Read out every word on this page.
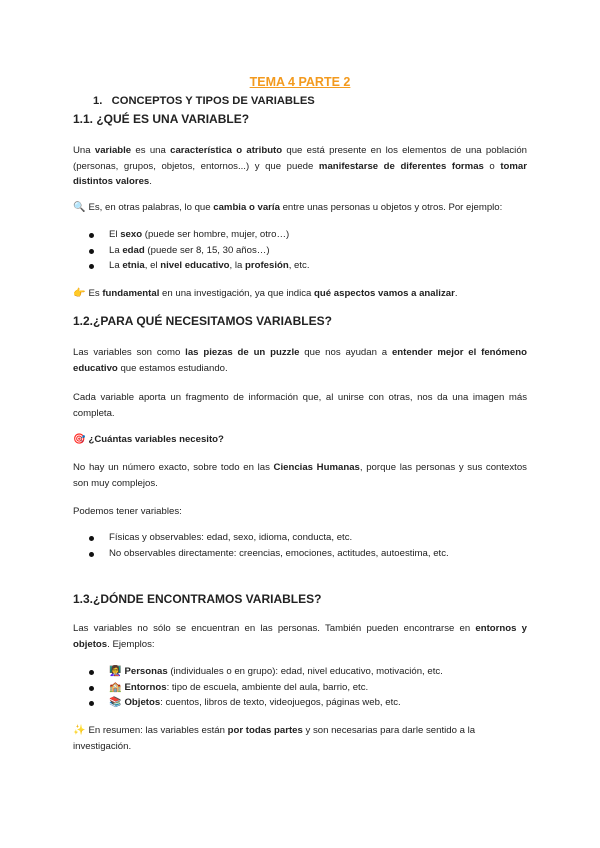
TEMA 4 PARTE 2
1. CONCEPTOS Y TIPOS DE VARIABLES
1.1. ¿QUÉ ES UNA VARIABLE?
Una variable es una característica o atributo que está presente en los elementos de una población (personas, grupos, objetos, entornos...) y que puede manifestarse de diferentes formas o tomar distintos valores.
🔍 Es, en otras palabras, lo que cambia o varía entre unas personas u objetos y otros. Por ejemplo:
El sexo (puede ser hombre, mujer, otro…)
La edad (puede ser 8, 15, 30 años…)
La etnia, el nivel educativo, la profesión, etc.
👉 Es fundamental en una investigación, ya que indica qué aspectos vamos a analizar.
1.2.¿PARA QUÉ NECESITAMOS VARIABLES?
Las variables son como las piezas de un puzzle que nos ayudan a entender mejor el fenómeno educativo que estamos estudiando.
Cada variable aporta un fragmento de información que, al unirse con otras, nos da una imagen más completa.
🎯 ¿Cuántas variables necesito?
No hay un número exacto, sobre todo en las Ciencias Humanas, porque las personas y sus contextos son muy complejos.
Podemos tener variables:
Físicas y observables: edad, sexo, idioma, conducta, etc.
No observables directamente: creencias, emociones, actitudes, autoestima, etc.
1.3.¿DÓNDE ENCONTRAMOS VARIABLES?
Las variables no sólo se encuentran en las personas. También pueden encontrarse en entornos y objetos. Ejemplos:
👩‍🏫 Personas (individuales o en grupo): edad, nivel educativo, motivación, etc.
🏫 Entornos: tipo de escuela, ambiente del aula, barrio, etc.
📚 Objetos: cuentos, libros de texto, videojuegos, páginas web, etc.
✨ En resumen: las variables están por todas partes y son necesarias para darle sentido a la investigación.
